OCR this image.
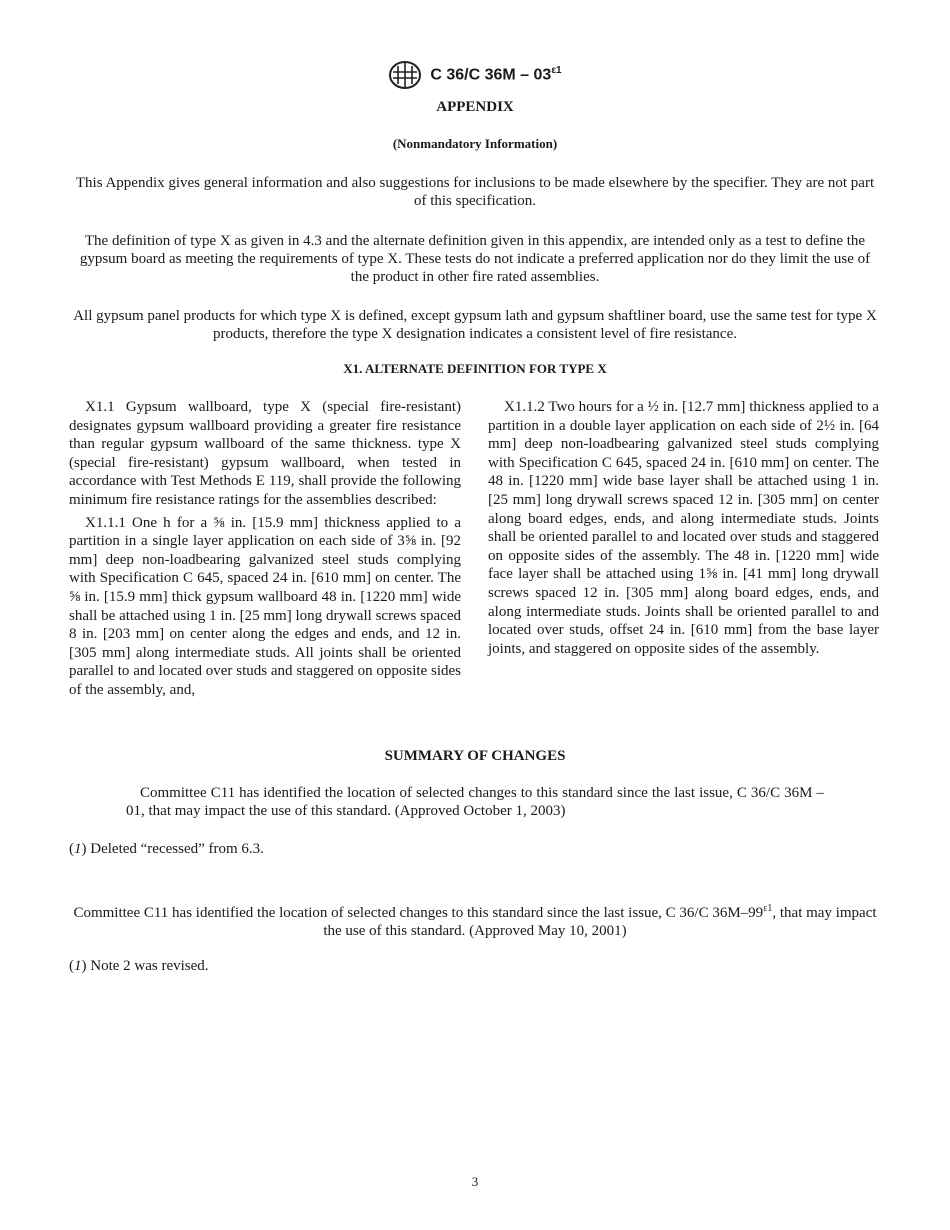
C 36/C $36M - 03^{\varepsilon 1}$
APPENDIX
(Nonmandatory Information)
This Appendix gives general information and also suggestions for inclusions to be made elsewhere by the specifier. They are not part of this specification.
The definition of type X as given in 4.3 and the alternate definition given in this appendix, are intended only as a test to define the gypsum board as meeting the requirements of type X. These tests do not indicate a preferred application nor do they limit the use of the product in other fire rated assemblies.
All gypsum panel products for which type X is defined, except gypsum lath and gypsum shaftliner board, use the same test for type X products, therefore the type X designation indicates a consistent level of fire resistance.
X1. ALTERNATE DEFINITION FOR TYPE X

X1.1 Gypsum wallboard, type X (special fire-resistant) designates gypsum wallboard providing a greater fire resistance than regular gypsum wallboard of the same thickness. type X (special fire-resistant) gypsum wallboard, when tested in accordance with Test Methods E 119, shall provide the following minimum fire resistance ratings for the assemblies described:

X1.1.1 One h for a ⅝ in. [15.9 mm] thickness applied to a partition in a single layer application on each side of 3⅝ in. [92 mm] deep non-loadbearing galvanized steel studs complying with Specification C 645, spaced 24 in. [610 mm] on center. The ⅝ in. [15.9 mm] thick gypsum wallboard 48 in. [1220 mm] wide shall be attached using 1 in. [25 mm] long drywall screws spaced 8 in. [203 mm] on center along the edges and ends, and 12 in. [305 mm] along intermediate studs. All joints shall be oriented parallel to and located over studs and staggered on opposite sides of the assembly, and,

X1.1.2 Two hours for a ½ in. [12.7 mm] thickness applied to a partition in a double layer application on each side of 2½ in. [64 mm] deep non-loadbearing galvanized steel studs complying with Specification C 645, spaced 24 in. [610 mm] on center. The 48 in. [1220 mm] wide base layer shall be attached using 1 in. [25 mm] long drywall screws spaced 12 in. [305 mm] on center along board edges, ends, and along intermediate studs. Joints shall be oriented parallel to and located over studs and staggered on opposite sides of the assembly. The 48 in. [1220 mm] wide face layer shall be attached using 1⅝ in. [41 mm] long drywall screws spaced 12 in. [305 mm] along board edges, ends, and along intermediate studs. Joints shall be oriented parallel to and located over studs, offset 24 in. [610 mm] from the base layer joints, and staggered on opposite sides of the assembly.

SUMMARY OF CHANGES
Committee C11 has identified the location of selected changes to this standard since the last issue, C 36/C 36M – 01, that may impact the use of this standard. (Approved October 1, 2003)
(1) Deleted “recessed” from 6.3.
Committee C11 has identified the location of selected changes to this standard since the last issue, C 36/C $36M-99^{\varepsilon 1}$, that may impact the use of this standard. (Approved May 10, 2001)
(1) Note 2 was revised.
3
